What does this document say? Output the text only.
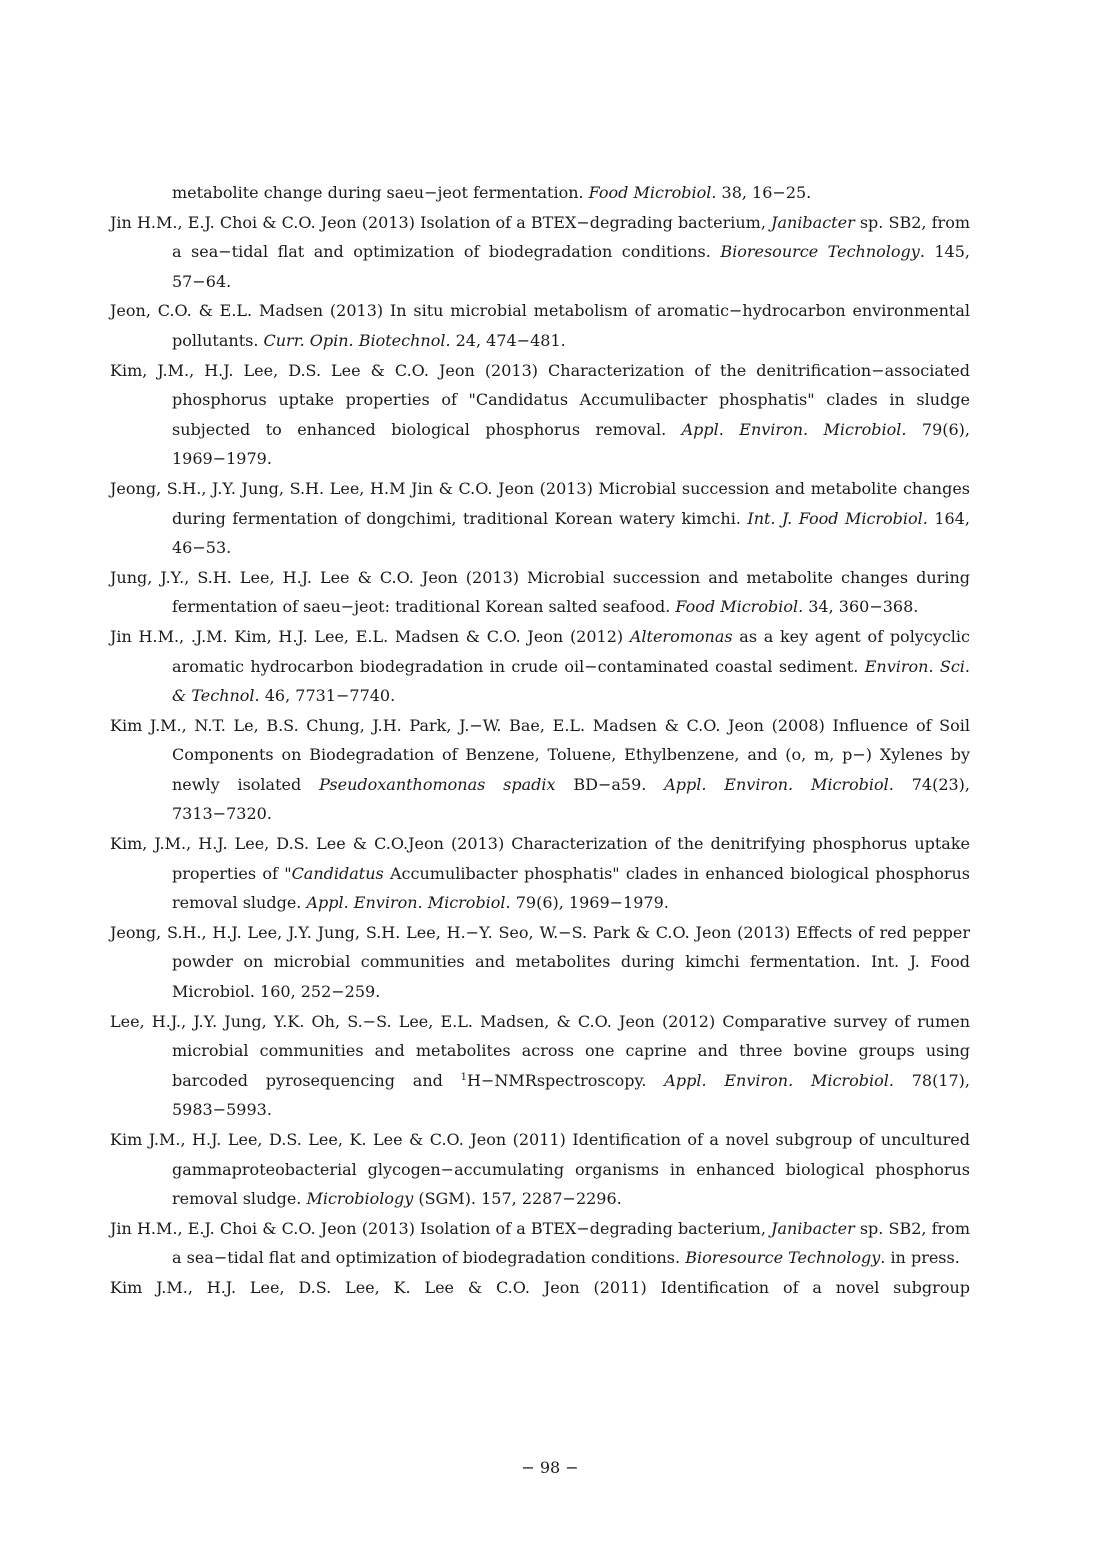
metabolite change during saeu−jeot fermentation. Food Microbiol. 38, 16−25.

Jin H.M., E.J. Choi & C.O. Jeon (2013) Isolation of a BTEX−degrading bacterium, Janibacter sp. SB2, from a sea−tidal flat and optimization of biodegradation conditions. Bioresource Technology. 145, 57−64.

Jeon, C.O. & E.L. Madsen (2013) In situ microbial metabolism of aromatic−hydrocarbon environmental pollutants. Curr. Opin. Biotechnol. 24, 474−481.

Kim, J.M., H.J. Lee, D.S. Lee & C.O. Jeon (2013) Characterization of the denitrification−associated phosphorus uptake properties of "Candidatus Accumulibacter phosphatis" clades in sludge subjected to enhanced biological phosphorus removal. Appl. Environ. Microbiol. 79(6), 1969−1979.

Jeong, S.H., J.Y. Jung, S.H. Lee, H.M Jin & C.O. Jeon (2013) Microbial succession and metabolite changes during fermentation of dongchimi, traditional Korean watery kimchi. Int. J. Food Microbiol. 164, 46−53.

Jung, J.Y., S.H. Lee, H.J. Lee & C.O. Jeon (2013) Microbial succession and metabolite changes during fermentation of saeu−jeot: traditional Korean salted seafood. Food Microbiol. 34, 360−368.

Jin H.M., .J.M. Kim, H.J. Lee, E.L. Madsen & C.O. Jeon (2012) Alteromonas as a key agent of polycyclic aromatic hydrocarbon biodegradation in crude oil−contaminated coastal sediment. Environ. Sci. & Technol. 46, 7731−7740.

Kim J.M., N.T. Le, B.S. Chung, J.H. Park, J.−W. Bae, E.L. Madsen & C.O. Jeon (2008) Influence of Soil Components on Biodegradation of Benzene, Toluene, Ethylbenzene, and (o, m, p−) Xylenes by newly isolated Pseudoxanthomonas spadix BD−a59. Appl. Environ. Microbiol. 74(23), 7313−7320.

Kim, J.M., H.J. Lee, D.S. Lee & C.O.Jeon (2013) Characterization of the denitrifying phosphorus uptake properties of "Candidatus Accumulibacter phosphatis" clades in enhanced biological phosphorus removal sludge. Appl. Environ. Microbiol. 79(6), 1969−1979.

Jeong, S.H., H.J. Lee, J.Y. Jung, S.H. Lee, H.−Y. Seo, W.−S. Park & C.O. Jeon (2013) Effects of red pepper powder on microbial communities and metabolites during kimchi fermentation. Int. J. Food Microbiol. 160, 252−259.

Lee, H.J., J.Y. Jung, Y.K. Oh, S.−S. Lee, E.L. Madsen, & C.O. Jeon (2012) Comparative survey of rumen microbial communities and metabolites across one caprine and three bovine groups using barcoded pyrosequencing and $^1$H−NMRspectroscopy. Appl. Environ. Microbiol. 78(17), 5983−5993.

Kim J.M., H.J. Lee, D.S. Lee, K. Lee & C.O. Jeon (2011) Identification of a novel subgroup of uncultured gammaproteobacterial glycogen−accumulating organisms in enhanced biological phosphorus removal sludge. Microbiology (SGM). 157, 2287−2296.

Jin H.M., E.J. Choi & C.O. Jeon (2013) Isolation of a BTEX−degrading bacterium, Janibacter sp. SB2, from a sea−tidal flat and optimization of biodegradation conditions. Bioresource Technology. in press.

Kim J.M., H.J. Lee, D.S. Lee, K. Lee & C.O. Jeon (2011) Identification of a novel subgroup

− 98 −
